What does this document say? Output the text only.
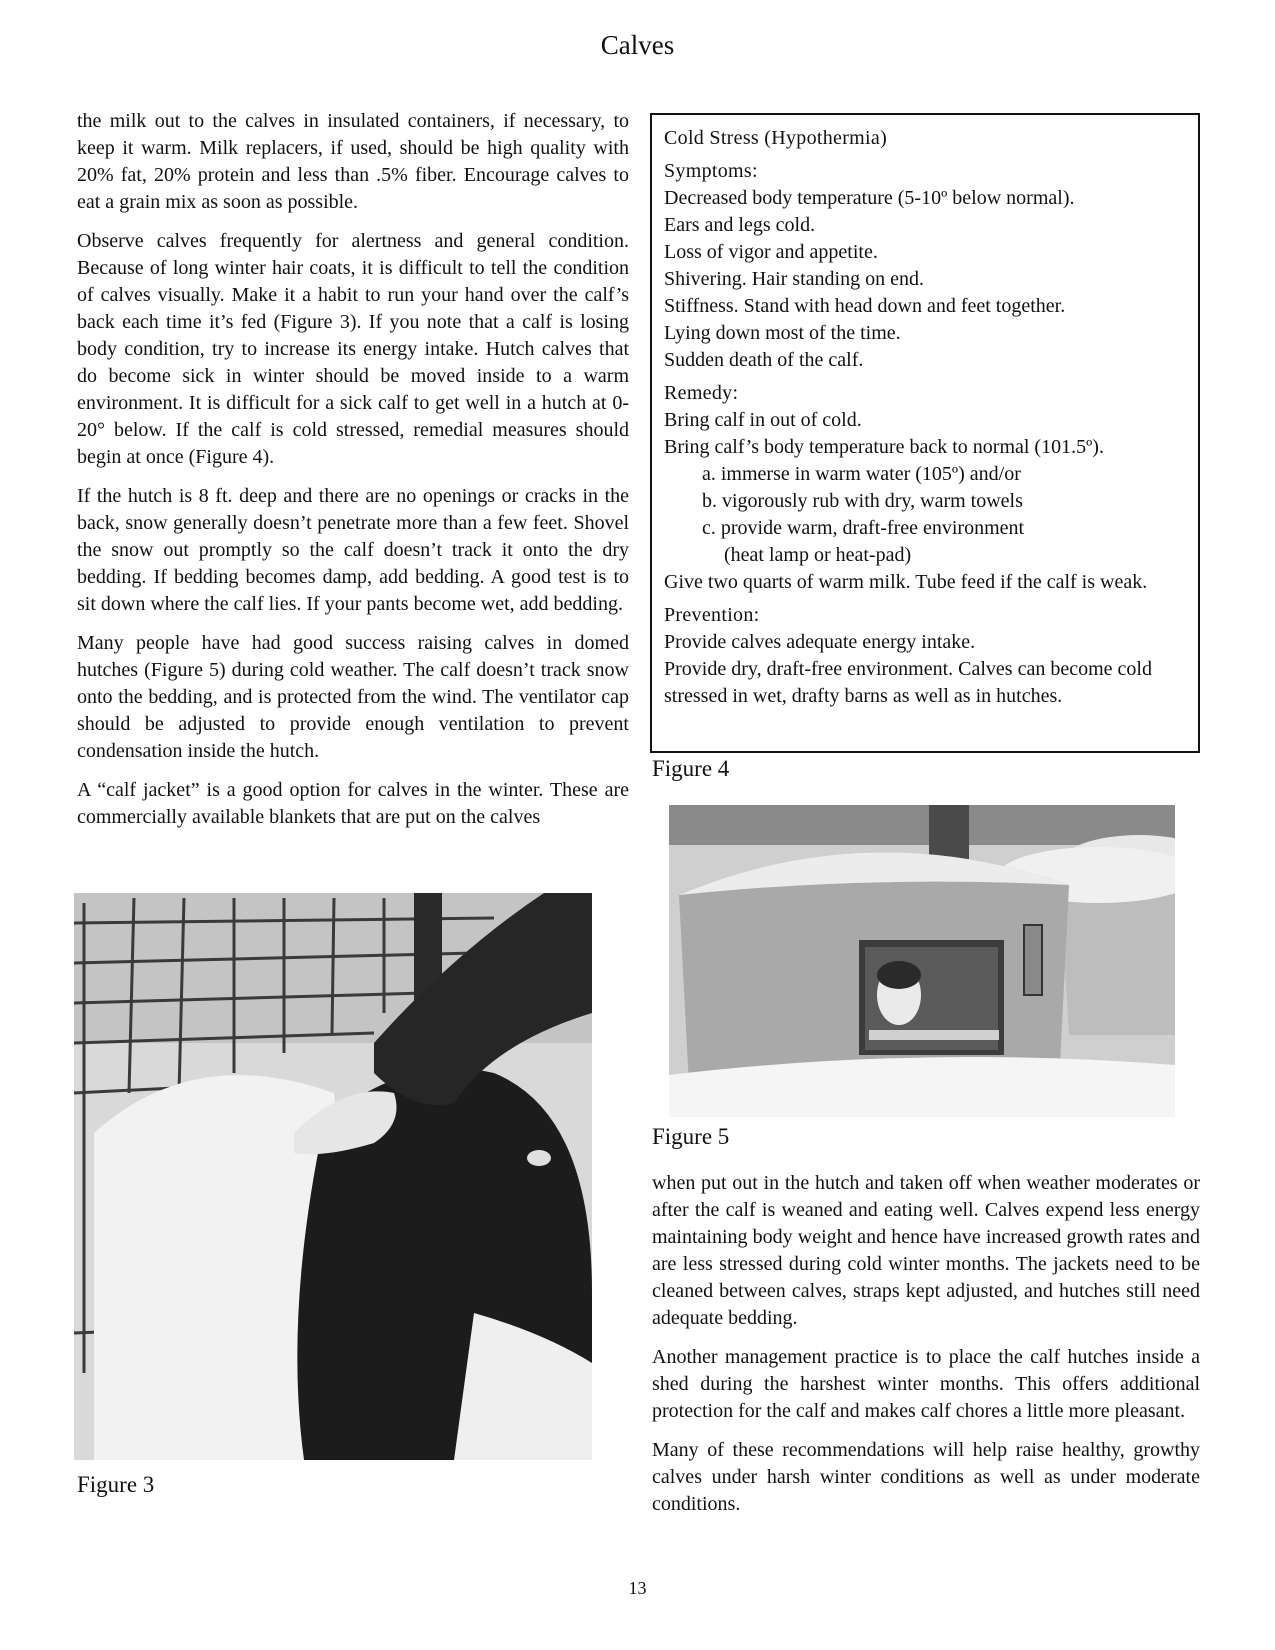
Calves

the milk out to the calves in insulated containers, if necessary, to keep it warm. Milk replacers, if used, should be high quality with 20% fat, 20% protein and less than .5% fiber. Encourage calves to eat a grain mix as soon as possible.

Observe calves frequently for alertness and general condition. Because of long winter hair coats, it is difficult to tell the condition of calves visually. Make it a habit to run your hand over the calf’s back each time it’s fed (Figure 3). If you note that a calf is losing body condition, try to increase its energy intake. Hutch calves that do become sick in winter should be moved inside to a warm environment. It is difficult for a sick calf to get well in a hutch at 0-20° below. If the calf is cold stressed, remedial measures should begin at once (Figure 4).

If the hutch is 8 ft. deep and there are no openings or cracks in the back, snow generally doesn’t penetrate more than a few feet. Shovel the snow out promptly so the calf doesn’t track it onto the dry bedding. If bedding becomes damp, add bedding. A good test is to sit down where the calf lies. If your pants become wet, add bedding.

Many people have had good success raising calves in domed hutches (Figure 5) during cold weather. The calf doesn’t track snow onto the bedding, and is protected from the wind. The ventilator cap should be adjusted to provide enough ventilation to prevent condensation inside the hutch.

A “calf jacket” is a good option for calves in the winter. These are commercially available blankets that are put on the calves

Figure 3
Cold Stress (Hypothermia)
Symptoms:
Decreased body temperature (5-10º below normal).
Ears and legs cold.
Loss of vigor and appetite.
Shivering. Hair standing on end.
Stiffness. Stand with head down and feet together.
Lying down most of the time.
Sudden death of the calf.
Remedy:
Bring calf in out of cold.
Bring calf’s body temperature back to normal (101.5º).
a. immerse in warm water (105º) and/or
b. vigorously rub with dry, warm towels
c. provide warm, draft-free environment
(heat lamp or heat-pad)
Give two quarts of warm milk. Tube feed if the calf is weak.
Prevention:
Provide calves adequate energy intake.
Provide dry, draft-free environment. Calves can become cold stressed in wet, drafty barns as well as in hutches.
Figure 4
Figure 5

when put out in the hutch and taken off when weather moderates or after the calf is weaned and eating well. Calves expend less energy maintaining body weight and hence have increased growth rates and are less stressed during cold winter months. The jackets need to be cleaned between calves, straps kept adjusted, and hutches still need adequate bedding.

Another management practice is to place the calf hutches inside a shed during the harshest winter months. This offers additional protection for the calf and makes calf chores a little more pleasant.

Many of these recommendations will help raise healthy, growthy calves under harsh winter conditions as well as under moderate conditions.

13
